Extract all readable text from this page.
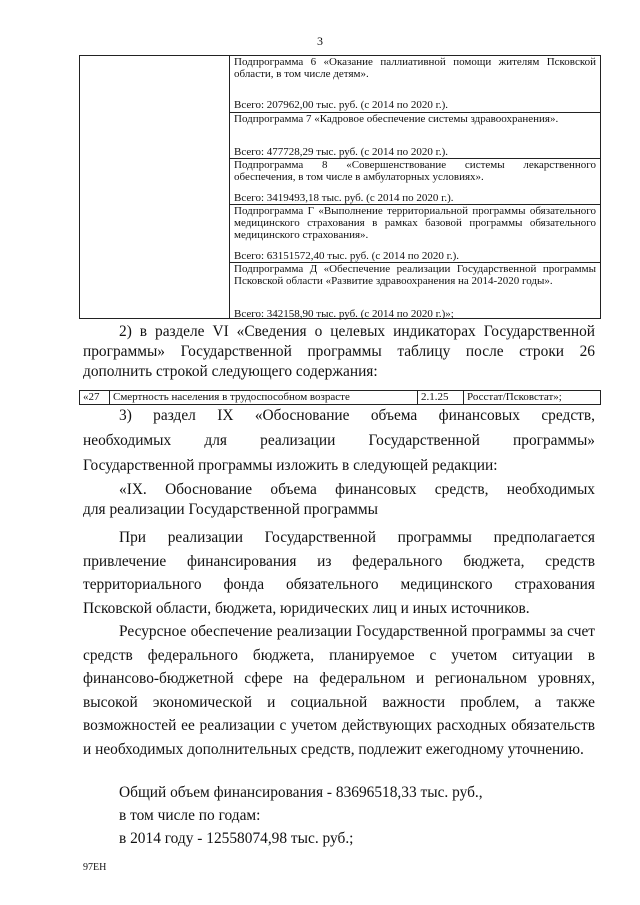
3

Подпрограмма 6 «Оказание паллиативной помощи жителям Псковской области, в том числе детям».

Всего: 207962,00 тыс. руб. (с 2014 по 2020 г.).

Подпрограмма 7 «Кадровое обеспечение системы здравоохранения».

Всего: 477728,29 тыс. руб. (с 2014 по 2020 г.).

Подпрограмма 8 «Совершенствование системы лекарственного обеспечения, в том числе в амбулаторных условиях».

Всего: 3419493,18 тыс. руб. (с 2014 по 2020 г.).

Подпрограмма Г «Выполнение территориальной программы обязательного медицинского страхования в рамках базовой программы обязательного медицинского страхования».

Всего: 63151572,40 тыс. руб. (с 2014 по 2020 г.).

Подпрограмма Д «Обеспечение реализации Государственной программы Псковской области «Развитие здравоохранения на 2014-2020 годы».

Всего: 342158,90 тыс. руб. (с 2014 по 2020 г.)»;

2) в разделе VI «Сведения о целевых индикаторах Государственной
программы» Государственной программы таблицу после строки 26
дополнить строкой следующего содержания:
«27 Смертность населения в трудоспособном возрасте	2.1.25 Росстат/Псковстат»;
3) раздел IX «Обоснование объема финансовых средств,
необходимых для реализации Государственной программы»
Государственной программы изложить в следующей редакции:
«IX. Обоснование объема финансовых средств, необходимых
для реализации Государственной программы
При реализации Государственной программы предполагается привлечение финансирования из федерального бюджета, средств территориального фонда обязательного медицинского страхования Псковской области, бюджета, юридических лиц и иных источников.
Ресурсное обеспечение реализации Государственной программы за счет средств федерального бюджета, планируемое с учетом ситуации в финансово-бюджетной сфере на федеральном и региональном уровнях, высокой экономической и социальной важности проблем, а также возможностей ее реализации с учетом действующих расходных обязательств и необходимых дополнительных средств, подлежит ежегодному уточнению.
Общий объем финансирования - 83696518,33 тыс. руб.,
в том числе по годам:
в 2014 году - 12558074,98 тыс. руб.;
97ЕН
